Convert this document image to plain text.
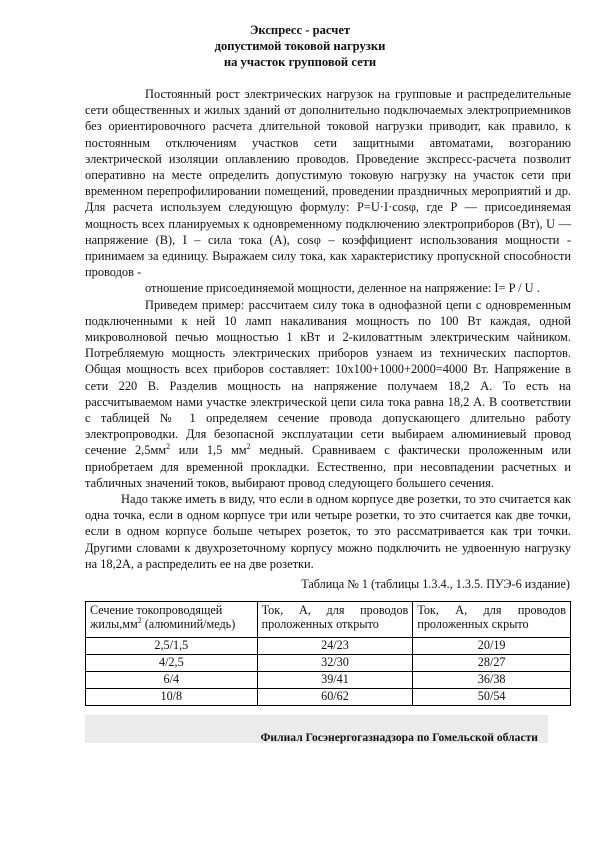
Экспресс - расчет
допустимой токовой нагрузки
на участок групповой сети

Постоянный рост электрических нагрузок на групповые и распределительные сети общественных и жилых зданий от дополнительно подключаемых электроприемников без ориентировочного расчета длительной токовой нагрузки приводит, как правило, к постоянным отключениям участков сети защитными автоматами, возгоранию электрической изоляции оплавлению проводов. Проведение экспресс-расчета позволит оперативно на месте определить допустимую токовую нагрузку на участок сети при временном перепрофилировании помещений, проведении праздничных мероприятий и др. Для расчета используем следующую формулу: P=U·I·cosφ, где P — присоединяемая мощность всех планируемых к одновременному подключению электроприборов (Вт), U — напряжение (В), I – сила тока (А), cosφ – коэффициент использования мощности - принимаем за единицу. Выражаем силу тока, как характеристику пропускной способности проводов -
отношение присоединяемой мощности, деленное на напряжение: I= P / U .

Приведем пример: рассчитаем силу тока в однофазной цепи с одновременным подключенными к ней 10 ламп накаливания мощность по 100 Вт каждая, одной микроволновой печью мощностью 1 кВт и 2-киловаттным электрическим чайником. Потребляемую мощность электрических приборов узнаем из технических паспортов. Общая мощность всех приборов составляет: 10х100+1000+2000=4000 Вт. Напряжение в сети 220 В. Разделив мощность на напряжение получаем 18,2 А. То есть на рассчитываемом нами участке электрической цепи сила тока равна 18,2 А. В соответствии с таблицей № 1 определяем сечение провода допускающего длительно работу электропроводки. Для безопасной эксплуатации сети выбираем алюминиевый провод сечение $2,5мм^2$ или 1,5 $мм^2$ медный. Сравниваем с фактически проложенным или приобретаем для временной прокладки. Естественно, при несовпадении расчетных и табличных значений токов, выбирают провод следующего большего сечения.

Надо также иметь в виду, что если в одном корпусе две розетки, то это считается как одна точка, если в одном корпусе три или четыре розетки, то это считается как две точки, если в одном корпусе больше четырех розеток, то это рассматривается как три точки. Другими словами к двухрозеточному корпусу можно подключить не удвоенную нагрузку на 18,2А, а распределить ее на две розетки.

Таблица № 1 (таблицы 1.3.4., 1.3.5. ПУЭ-6 издание)
Сечение токопроводящей $жилы,мм^2$ (алюминий/медь)	Ток, А, для проводов проложенных открыто	Ток, А, для проводов проложенных скрыто
2,5/1,5	24/23	20/19
4/2,5	32/30	28/27
6/4	39/41	36/38
10/8	60/62	50/54
Филиал Госэнергогазнадзора по Гомельской области
